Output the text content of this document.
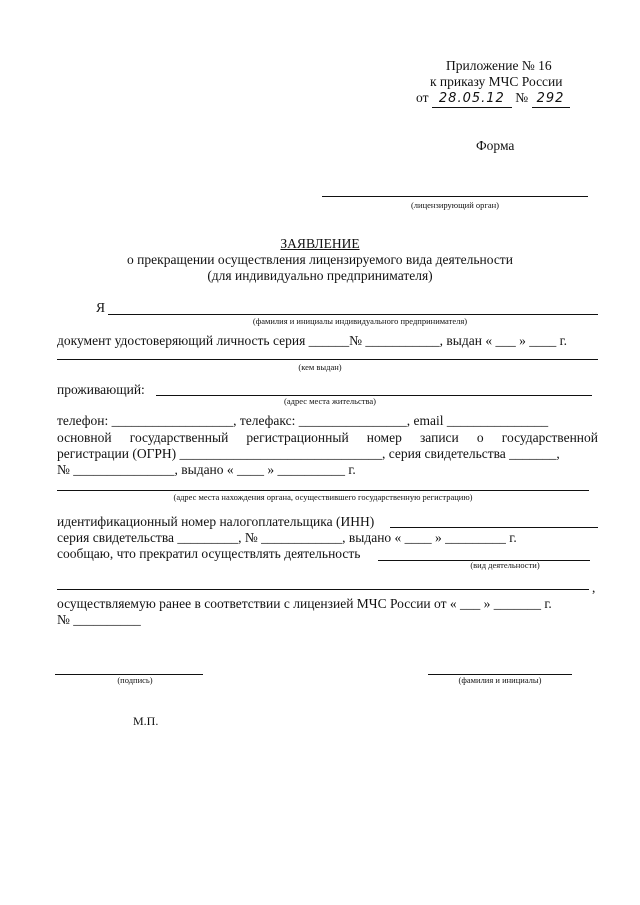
Приложение № 16
к приказу МЧС России
от 28.05.12 № 292
Форма
(лицензирующий орган)
ЗАЯВЛЕНИЕ
о прекращении осуществления лицензируемого вида деятельности
(для индивидуально предпринимателя)
Я
(фамилия и инициалы индивидуального предпринимателя)
документ удостоверяющий личность серия ______№ ___________, выдан « ___ » ____ г.
(кем выдан)
проживающий:
(адрес места жительства)
телефон: __________________, телефакс: ________________, email _______________
основной государственный регистрационный номер записи о государственной
регистрации (ОГРН) ______________________________, серия свидетельства _______,
№ _______________, выдано « ____ » __________ г.
(адрес места нахождения органа, осуществившего государственную регистрацию)
идентификационный номер налогоплательщика (ИНН)
серия свидетельства _________, № ____________, выдано « ____ » _________ г.
сообщаю, что прекратил осуществлять деятельность
(вид деятельности)
,
осуществляемую ранее в соответствии с лицензией МЧС России от « ___ » _______ г.
№ __________
(подпись)	(фамилия и инициалы)
М.П.
